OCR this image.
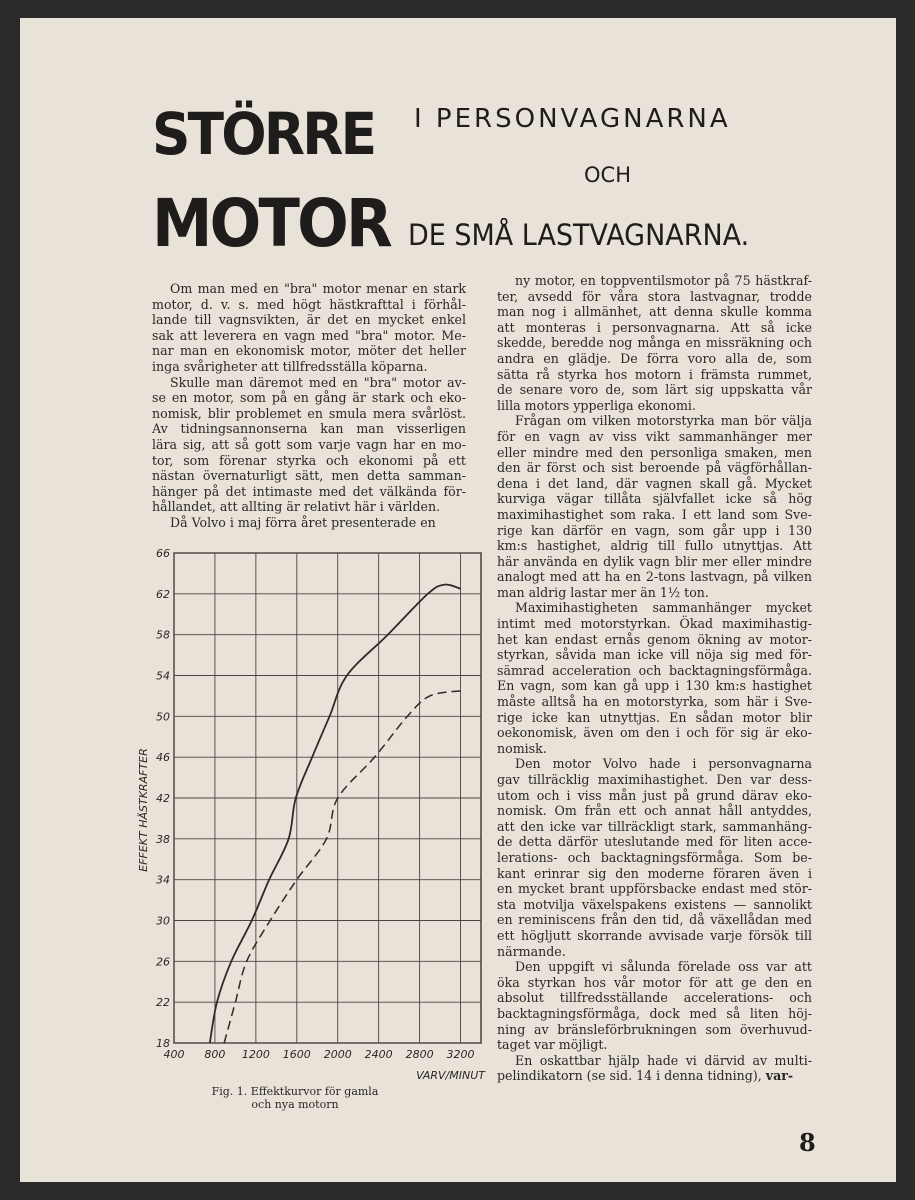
STÖRRE
MOTOR
I PERSONVAGNARNA
OCH
DE SMÅ LASTVAGNARNA.
Om man med en "bra" motor menar en stark
motor, d. v. s. med högt hästkrafttal i förhål-
lande till vagnsvikten, är det en mycket enkel
sak att leverera en vagn med "bra" motor. Me-
nar man en ekonomisk motor, möter det heller
inga svårigheter att tillfredsställa köparna.
Skulle man däremot med en "bra" motor av-
se en motor, som på en gång är stark och eko-
nomisk, blir problemet en smula mera svårlöst.
Av tidningsannonserna kan man visserligen
lära sig, att så gott som varje vagn har en mo-
tor, som förenar styrka och ekonomi på ett
nästan övernaturligt sätt, men detta samman-
hänger på det intimaste med det välkända för-
hållandet, att allting är relativt här i världen.
Då Volvo i maj förra året presenterade en
ny motor, en toppventilsmotor på 75 hästkraf-
ter, avsedd för våra stora lastvagnar, trodde
man nog i allmänhet, att denna skulle komma
att monteras i personvagnarna. Att så icke
skedde, beredde nog många en missräkning och
andra en glädje. De förra voro alla de, som
sätta rå styrka hos motorn i främsta rummet,
de senare voro de, som lärt sig uppskatta vår
lilla motors ypperliga ekonomi.
Frågan om vilken motorstyrka man bör välja
för en vagn av viss vikt sammanhänger mer
eller mindre med den personliga smaken, men
den är först och sist beroende på vägförhållan-
dena i det land, där vagnen skall gå. Mycket
kurviga vägar tillåta självfallet icke så hög
maximihastighet som raka. I ett land som Sve-
rige kan därför en vagn, som går upp i 130
km:s hastighet, aldrig till fullo utnyttjas. Att
här använda en dylik vagn blir mer eller mindre
analogt med att ha en 2-tons lastvagn, på vilken
man aldrig lastar mer än 1½ ton.
Maximihastigheten sammanhänger mycket
intimt med motorstyrkan. Ökad maximihastig-
het kan endast ernås genom ökning av motor-
styrkan, såvida man icke vill nöja sig med för-
sämrad acceleration och backtagningsförmåga.
En vagn, som kan gå upp i 130 km:s hastighet
måste alltså ha en motorstyrka, som här i Sve-
rige icke kan utnyttjas. En sådan motor blir
oekonomisk, även om den i och för sig är eko-
nomisk.
Den motor Volvo hade i personvagnarna
gav tillräcklig maximihastighet. Den var dess-
utom och i viss mån just på grund därav eko-
nomisk. Om från ett och annat håll antyddes,
att den icke var tillräckligt stark, sammanhäng-
de detta därför uteslutande med för liten acce-
lerations- och backtagningsförmåga. Som be-
kant erinrar sig den moderne föraren även i
en mycket brant uppförsbacke endast med stör-
sta motvilja växelspakens existens — sannolikt
en reminiscens från den tid, då växellådan med
ett högljutt skorrande avvisade varje försök till
närmande.
Den uppgift vi sålunda förelade oss var att
öka styrkan hos vår motor för att ge den en
absolut tillfredsställande accelerations- och
backtagningsförmåga, dock med så liten höj-
ning av bränsleförbrukningen som överhuvud-
taget var möjligt.
En oskattbar hjälp hade vi därvid av multi-
pelindikatorn (se sid. 14 i denna tidning), var-
18
22
26
30
34
38
42
46
50
54
58
62
66
400 800 1200 1600 2000 2400 2800 3200
VARV/MINUT
EFFEKT HÄSTKRAFTER
Fig. 1. Effektkurvor för gamla
och nya motorn
8
